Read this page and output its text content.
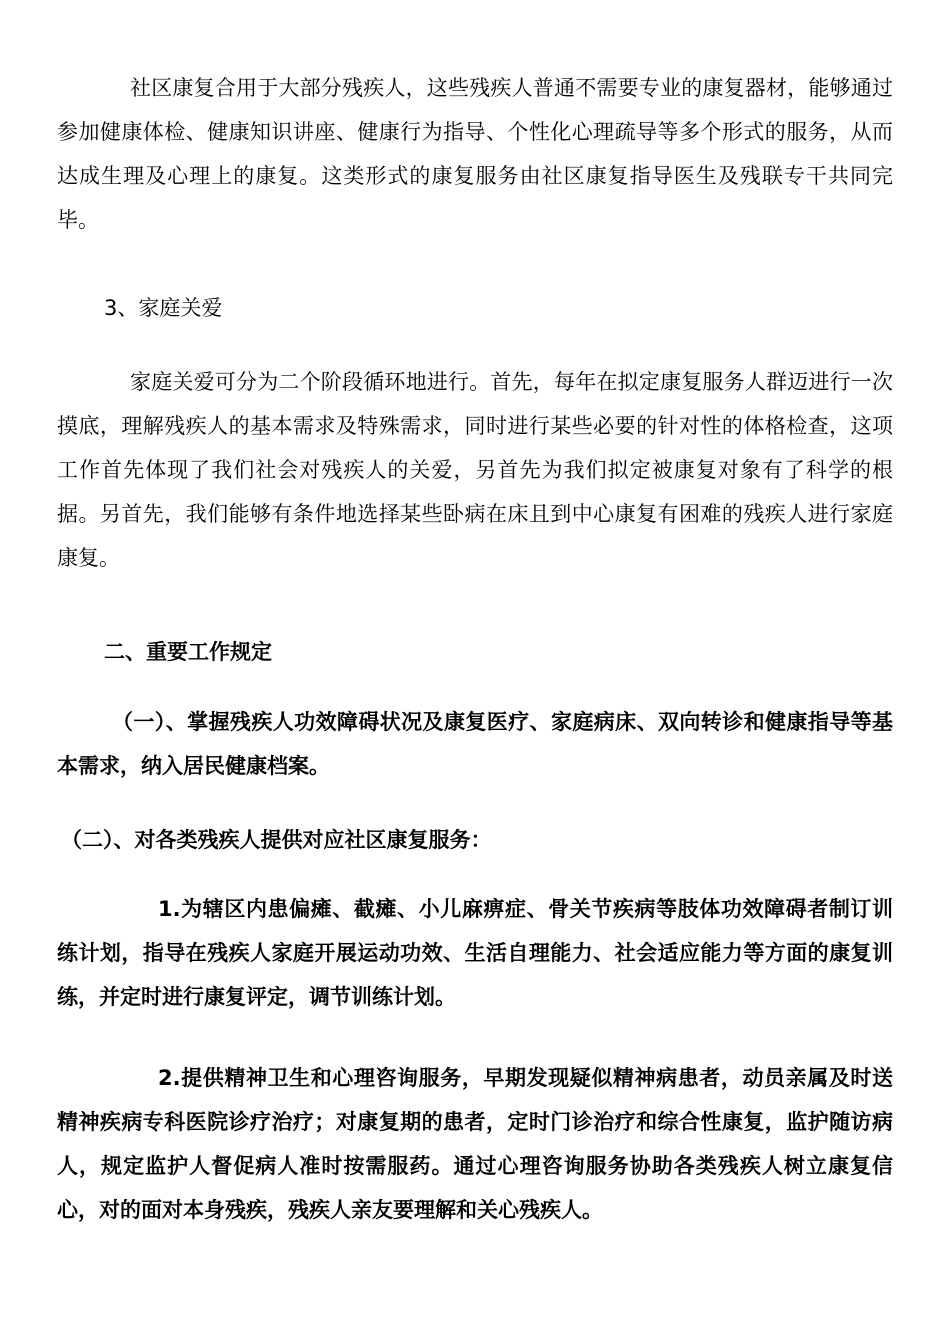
社区康复合用于大部分残疾人，这些残疾人普通不需要专业的康复器材，能够通过参加健康体检、健康知识讲座、健康行为指导、个性化心理疏导等多个形式的服务，从而达成生理及心理上的康复。这类形式的康复服务由社区康复指导医生及残联专干共同完毕。

3、家庭关爱

家庭关爱可分为二个阶段循环地进行。首先，每年在拟定康复服务人群迈进行一次摸底，理解残疾人的基本需求及特殊需求，同时进行某些必要的针对性的体格检查，这项工作首先体现了我们社会对残疾人的关爱，另首先为我们拟定被康复对象有了科学的根据。另首先，我们能够有条件地选择某些卧病在床且到中心康复有困难的残疾人进行家庭康复。

二、重要工作规定

（一）、掌握残疾人功效障碍状况及康复医疗、家庭病床、双向转诊和健康指导等基本需求，纳入居民健康档案。

（二）、对各类残疾人提供对应社区康复服务：

1.为辖区内患偏瘫、截瘫、小儿麻痹症、骨关节疾病等肢体功效障碍者制订训练计划，指导在残疾人家庭开展运动功效、生活自理能力、社会适应能力等方面的康复训练，并定时进行康复评定，调节训练计划。

2.提供精神卫生和心理咨询服务，早期发现疑似精神病患者，动员亲属及时送精神疾病专科医院诊疗治疗；对康复期的患者，定时门诊治疗和综合性康复，监护随访病人，规定监护人督促病人准时按需服药。通过心理咨询服务协助各类残疾人树立康复信心，对的面对本身残疾，残疾人亲友要理解和关心残疾人。
